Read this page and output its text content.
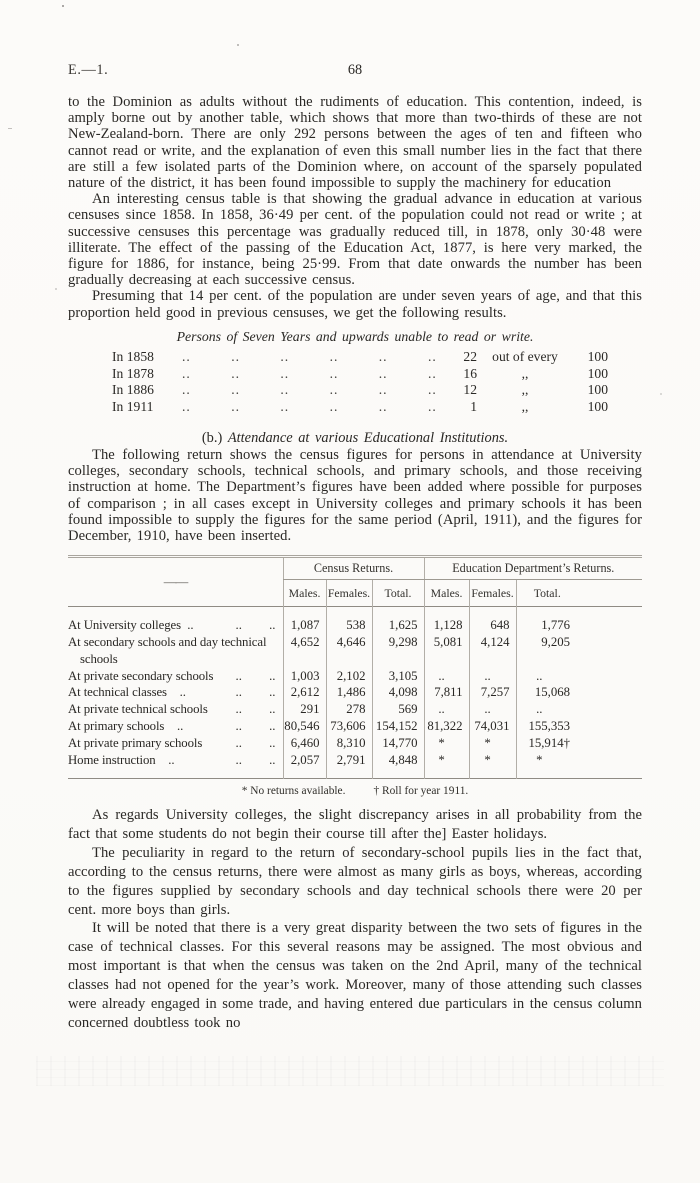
E.—1.	68

to the Dominion as adults without the rudiments of education. This contention, indeed, is amply borne out by another table, which shows that more than two-thirds of these are not New-Zealand-born. There are only 292 persons between the ages of ten and fifteen who cannot read or write, and the explanation of even this small number lies in the fact that there are still a few isolated parts of the Dominion where, on account of the sparsely populated nature of the district, it has been found impossible to supply the machinery for education

An interesting census table is that showing the gradual advance in education at various censuses since 1858. In 1858, 36·49 per cent. of the population could not read or write ; at successive censuses this percentage was gradually reduced till, in 1878, only 30·48 were illiterate. The effect of the passing of the Education Act, 1877, is here very marked, the figure for 1886, for instance, being 25·99. From that date onwards the number has been gradually decreasing at each successive census.

Presuming that 14 per cent. of the population are under seven years of age, and that this proportion held good in previous censuses, we get the following results.

Persons of Seven Years and upwards unable to read or write.
In 1858	.. .. .. .. .. ..	22	out of every	100
In 1878	.. .. .. .. .. ..	16	,,	100
In 1886	.. .. .. .. .. ..	12	,,	100
In 1911	.. .. .. .. .. ..	1	,,	100
(b.) Attendance at various Educational Institutions.

The following return shows the census figures for persons in attendance at University colleges, secondary schools, technical schools, and primary schools, and those receiving instruction at home. The Department’s figures have been added where possible for purposes of comparison ; in all cases except in University colleges and primary schools it has been found impossible to supply the figures for the same period (April, 1911), and the figures for December, 1910, have been inserted.

——	Census Returns.			Education Department’s Returns.		
	Males.	Females.	Total.	Males.	Females.	Total.

At University colleges .. .. ..	1,087	538	1,625	1,128	648	1,776

At secondary schools and day technical schools	4,652	4,646	9,298	5,081	4,124	9,205

At private secondary schools .. ..	1,003	2,102	3,105	..	..	..

At technical classes .. .. ..	2,612	1,486	4,098	7,811	7,257	15,068

At private technical schools .. ..	291	278	569	..	..	..

At primary schools .. .. ..	80,546	73,606	154,152	81,322	74,031	155,353

At private primary schools .. ..	6,460	8,310	14,770	*	*	15,914†

Home instruction .. .. ..	2,057	2,791	4,848	*	*	*
* No returns available. † Roll for year 1911.

As regards University colleges, the slight discrepancy arises in all probability from the fact that some students do not begin their course till after the] Easter holidays.

The peculiarity in regard to the return of secondary-school pupils lies in the fact that, according to the census returns, there were almost as many girls as boys, whereas, according to the figures supplied by secondary schools and day technical schools there were 20 per cent. more boys than girls.

It will be noted that there is a very great disparity between the two sets of figures in the case of technical classes. For this several reasons may be assigned. The most obvious and most important is that when the census was taken on the 2nd April, many of the technical classes had not opened for the year’s work. Moreover, many of those attending such classes were already engaged in some trade, and having entered due particulars in the census column concerned doubtless took no
